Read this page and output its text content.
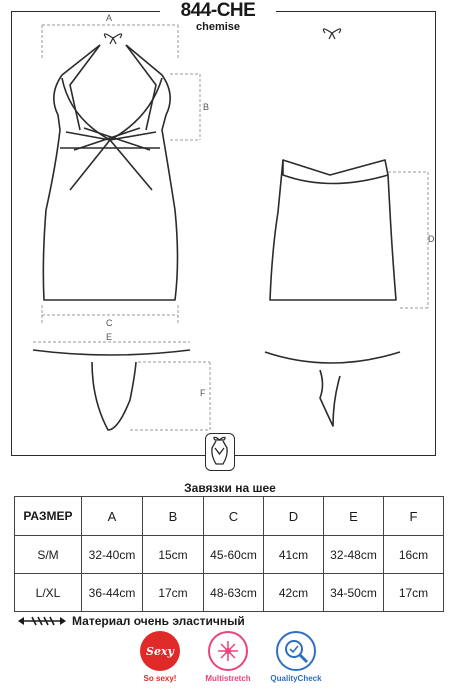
844-CHE
chemise
A
B
C
D
E
F
Завязки на шее
РАЗМЕР	A	B	C	D	E	F
S/M	32-40cm	15cm	45-60cm	41cm	32-48cm	16cm
L/XL	36-44cm	17cm	48-63cm	42cm	34-50cm	17cm
Материал очень эластичный
Sexy
So sexy!	Multistretch	QualityCheck
